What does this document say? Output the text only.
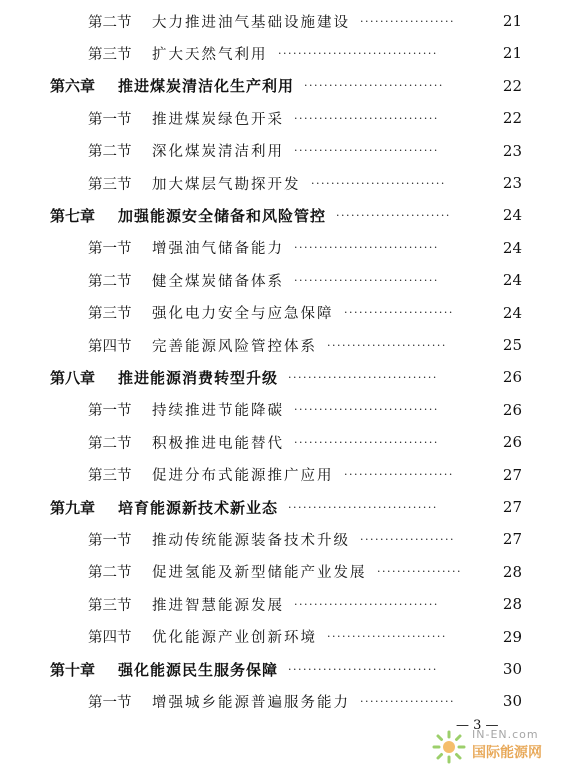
第二节 大力推进油气基础设施建设	21
···················
第三节 扩大天然气利用	21
································
第六章 推进煤炭清洁化生产利用	22
····························
第一节 推进煤炭绿色开采	22
·····························
第二节 深化煤炭清洁利用	23
·····························
第三节 加大煤层气勘探开发	23
···························
第七章 加强能源安全储备和风险管控	24
·······················
第一节 增强油气储备能力	24
·····························
第二节 健全煤炭储备体系	24
·····························
第三节 强化电力安全与应急保障	24
······················
第四节 完善能源风险管控体系	25
························
第八章 推进能源消费转型升级	26
······························
第一节 持续推进节能降碳	26
·····························
第二节 积极推进电能替代	26
·····························
第三节 促进分布式能源推广应用	27
······················
第九章 培育能源新技术新业态	27
······························
第一节 推动传统能源装备技术升级	27
···················
第二节 促进氢能及新型储能产业发展	28
·················
第三节 推进智慧能源发展	28
·····························
第四节 优化能源产业创新环境	29
························
第十章 强化能源民生服务保障	30
······························
第一节 增强城乡能源普遍服务能力	30
···················
— 3 —
IN-EN.com
国际能源网
